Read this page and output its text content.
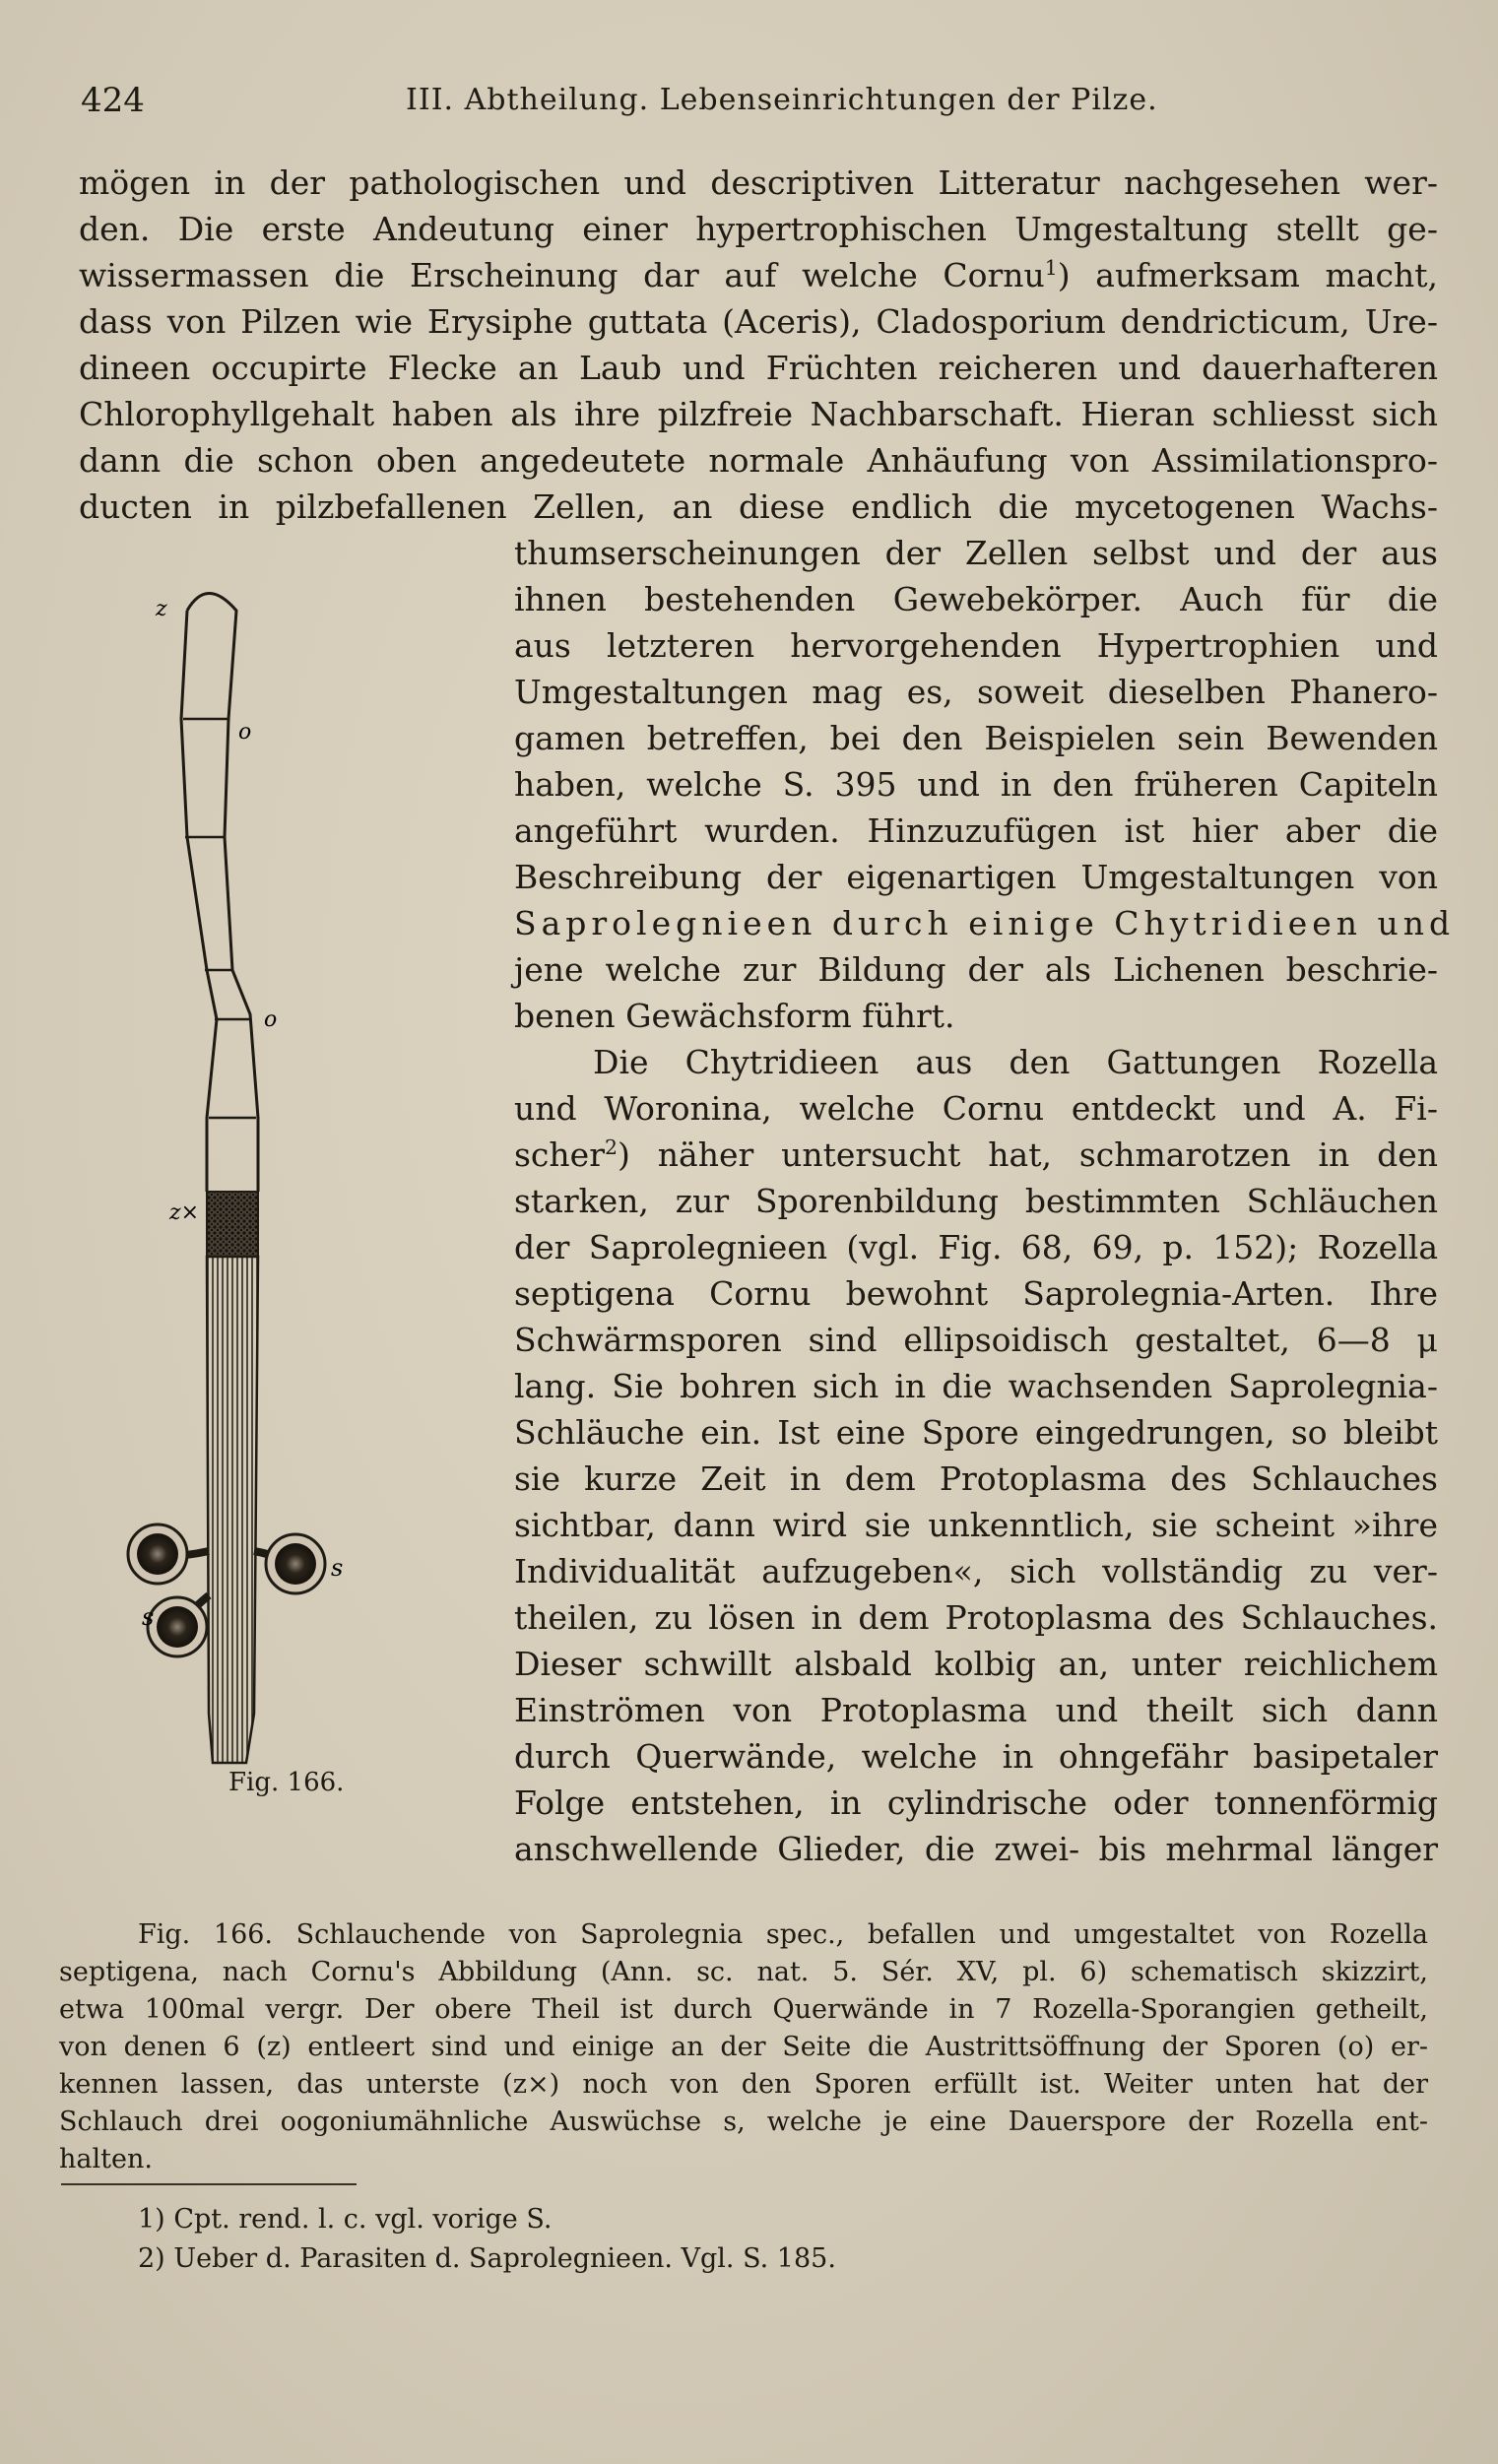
424	III. Abtheilung. Lebenseinrichtungen der Pilze.
mögen in der pathologischen und descriptiven Litteratur nachgesehen wer-
den. Die erste Andeutung einer hypertrophischen Umgestaltung stellt ge-
wissermassen die Erscheinung dar auf welche Cornu$^1$) aufmerksam macht,
dass von Pilzen wie Erysiphe guttata (Aceris), Cladosporium dendricticum, Ure-
dineen occupirte Flecke an Laub und Früchten reicheren und dauerhafteren
Chlorophyllgehalt haben als ihre pilzfreie Nachbarschaft. Hieran schliesst sich
dann die schon oben angedeutete normale Anhäufung von Assimilationspro-
ducten in pilzbefallenen Zellen, an diese endlich die mycetogenen Wachs-
thumserscheinungen der Zellen selbst und der aus
ihnen bestehenden Gewebekörper. Auch für die
aus letzteren hervorgehenden Hypertrophien und
Umgestaltungen mag es, soweit dieselben Phanero-
gamen betreffen, bei den Beispielen sein Bewenden
haben, welche S. 395 und in den früheren Capiteln
angeführt wurden. Hinzuzufügen ist hier aber die
Beschreibung der eigenartigen Umgestaltungen von
Saprolegnieen durch einige Chytridieen und
jene welche zur Bildung der als Lichenen beschrie-
benen Gewächsform führt.
Die Chytridieen aus den Gattungen Rozella
und Woronina, welche Cornu entdeckt und A. Fi-
scher$^2$) näher untersucht hat, schmarotzen in den
starken, zur Sporenbildung bestimmten Schläuchen
der Saprolegnieen (vgl. Fig. 68, 69, p. 152); Rozella
septigena Cornu bewohnt Saprolegnia-Arten. Ihre
Schwärmsporen sind ellipsoidisch gestaltet, 6—8 μ
lang. Sie bohren sich in die wachsenden Saprolegnia-
Schläuche ein. Ist eine Spore eingedrungen, so bleibt
sie kurze Zeit in dem Protoplasma des Schlauches
sichtbar, dann wird sie unkenntlich, sie scheint »ihre
Individualität aufzugeben«, sich vollständig zu ver-
theilen, zu lösen in dem Protoplasma des Schlauches.
Dieser schwillt alsbald kolbig an, unter reichlichem
Einströmen von Protoplasma und theilt sich dann
durch Querwände, welche in ohngefähr basipetaler
Folge entstehen, in cylindrische oder tonnenförmig
anschwellende Glieder, die zwei- bis mehrmal länger
z
o
o
z×
s
s
Fig. 166.
Fig. 166. Schlauchende von Saprolegnia spec., befallen und umgestaltet von Rozella
septigena, nach Cornu's Abbildung (Ann. sc. nat. 5. Sér. XV, pl. 6) schematisch skizzirt,
etwa 100mal vergr. Der obere Theil ist durch Querwände in 7 Rozella-Sporangien getheilt,
von denen 6 (z) entleert sind und einige an der Seite die Austrittsöffnung der Sporen (o) er-
kennen lassen, das unterste (z×) noch von den Sporen erfüllt ist. Weiter unten hat der
Schlauch drei oogoniumähnliche Auswüchse s, welche je eine Dauerspore der Rozella ent-
halten.
1) Cpt. rend. l. c. vgl. vorige S.
2) Ueber d. Parasiten d. Saprolegnieen. Vgl. S. 185.
